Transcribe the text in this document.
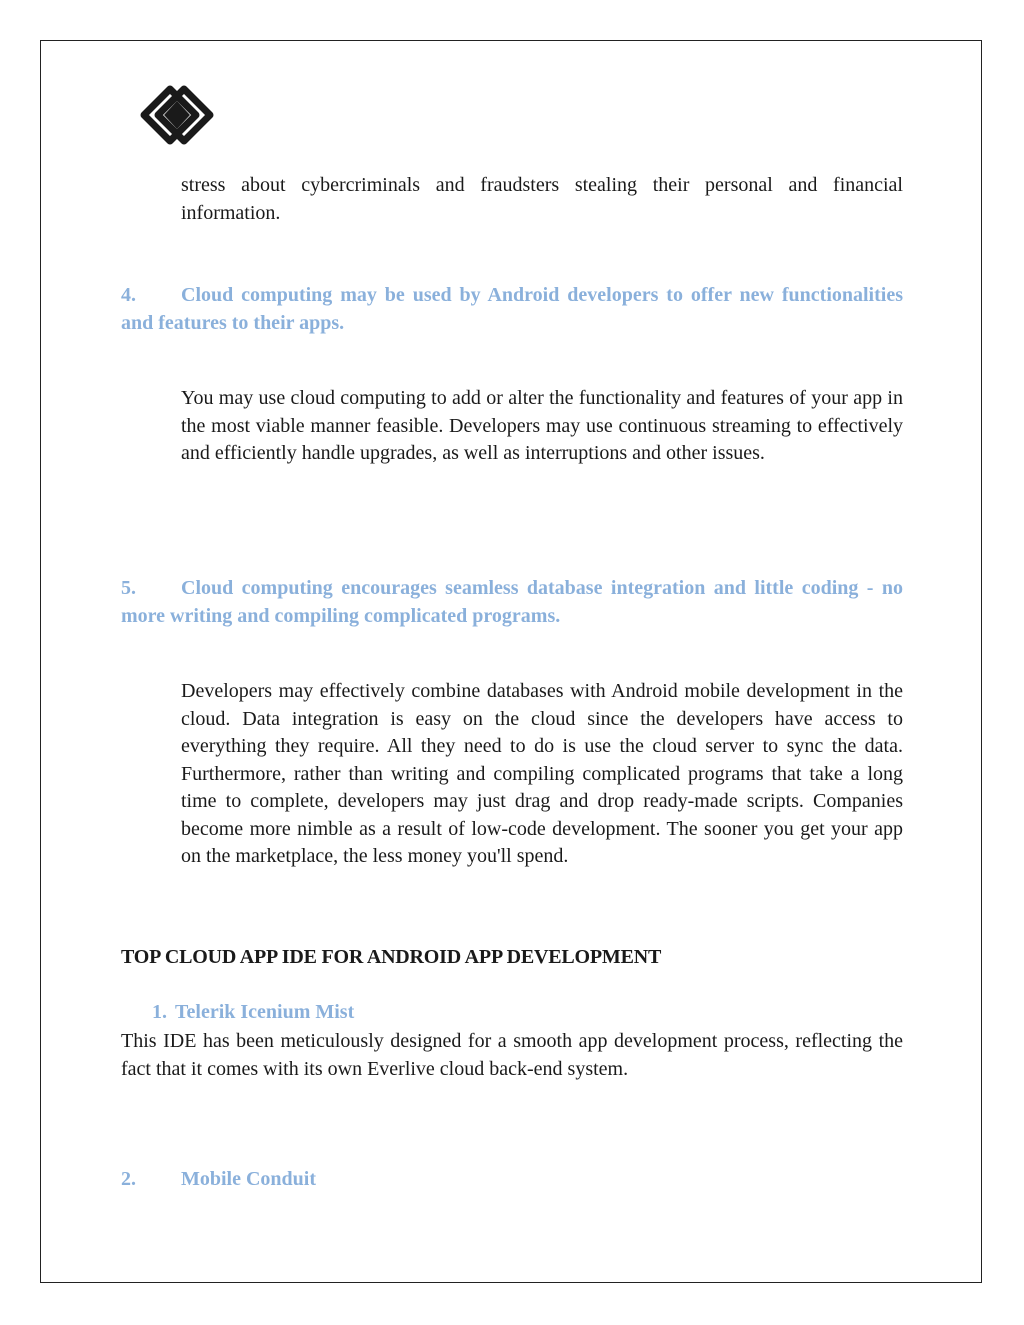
stress about cybercriminals and fraudsters stealing their personal and financial information.

4. Cloud computing may be used by Android developers to offer new functionalities and features to their apps.

You may use cloud computing to add or alter the functionality and features of your app in the most viable manner feasible. Developers may use continuous streaming to effectively and efficiently handle upgrades, as well as interruptions and other issues.

5. Cloud computing encourages seamless database integration and little coding - no more writing and compiling complicated programs.

Developers may effectively combine databases with Android mobile development in the cloud. Data integration is easy on the cloud since the developers have access to everything they require. All they need to do is use the cloud server to sync the data. Furthermore, rather than writing and compiling complicated programs that take a long time to complete, developers may just drag and drop ready-made scripts. Companies become more nimble as a result of low-code development. The sooner you get your app on the marketplace, the less money you'll spend.

TOP CLOUD APP IDE FOR ANDROID APP DEVELOPMENT

1. Telerik Icenium Mist

This IDE has been meticulously designed for a smooth app development process, reflecting the fact that it comes with its own Everlive cloud back-end system.

2. Mobile Conduit
